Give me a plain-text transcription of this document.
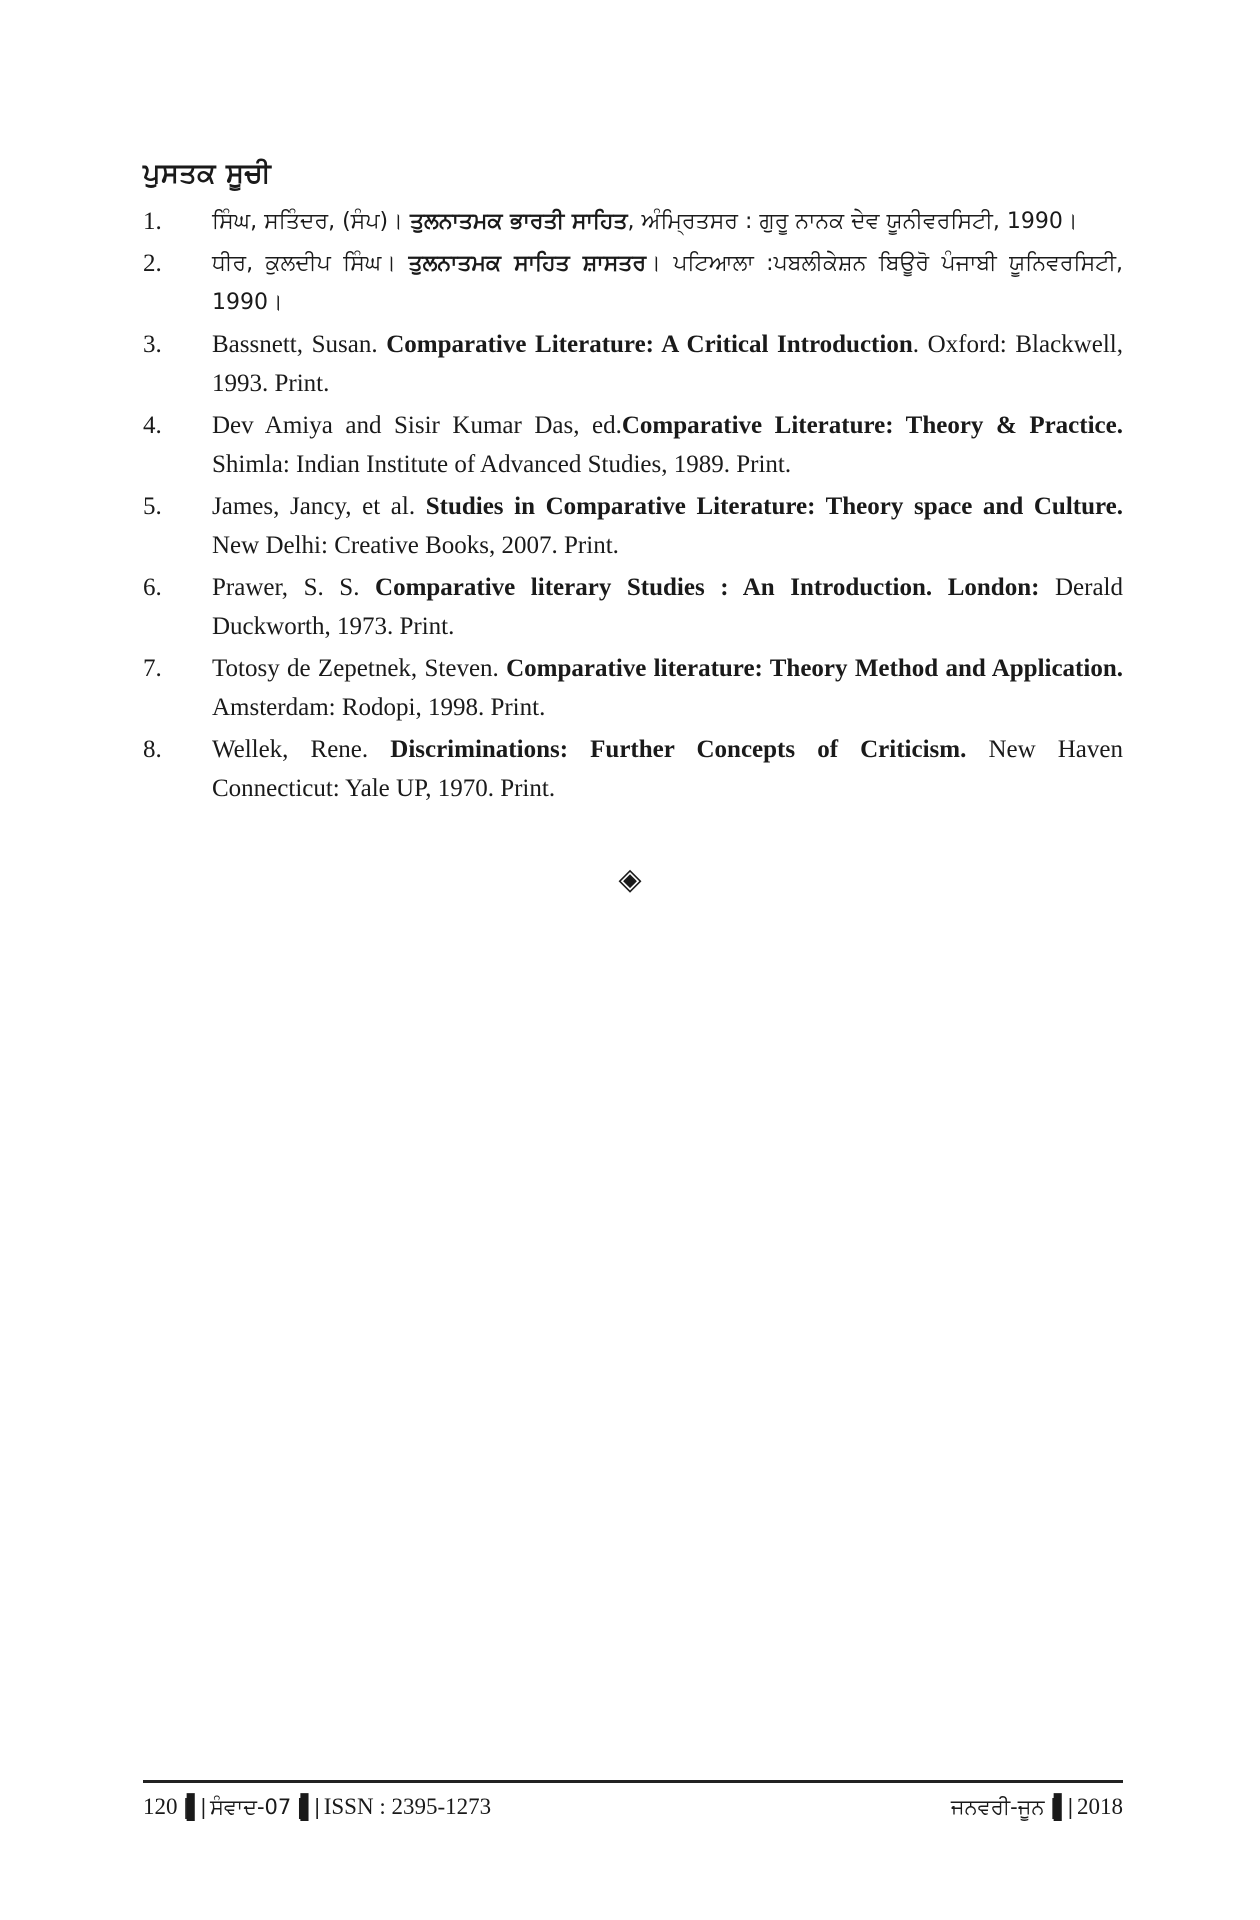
ਪੁਸਤਕ ਸੂਚੀ
1. ਸਿੰਘ, ਸਤਿੰਦਰ, (ਸੰਪ)। ਤੁਲਨਾਤਮਕ ਭਾਰਤੀ ਸਾਹਿਤ, ਅੰਮ੍ਰਿਤਸਰ : ਗੁਰੂ ਨਾਨਕ ਦੇਵ ਯੂਨੀਵਰਸਿਟੀ, 1990।
2. ਧੀਰ, ਕੁਲਦੀਪ ਸਿੰਘ। ਤੁਲਨਾਤਮਕ ਸਾਹਿਤ ਸ਼ਾਸਤਰ। ਪਟਿਆਲਾ :ਪਬਲੀਕੇਸ਼ਨ ਬਿਊਰੋ ਪੰਜਾਬੀ ਯੂਨਿਵਰਸਿਟੀ, 1990।
3. Bassnett, Susan. Comparative Literature: A Critical Introduction. Oxford: Blackwell, 1993. Print.
4. Dev Amiya and Sisir Kumar Das, ed.Comparative Literature: Theory & Practice. Shimla: Indian Institute of Advanced Studies, 1989. Print.
5. James, Jancy, et al. Studies in Comparative Literature: Theory space and Culture. New Delhi: Creative Books, 2007. Print.
6. Prawer, S. S. Comparative literary Studies : An Introduction. London: Derald Duckworth, 1973. Print.
7. Totosy de Zepetnek, Steven. Comparative literature: Theory Method and Application. Amsterdam: Rodopi, 1998. Print.
8. Wellek, Rene. Discriminations: Further Concepts of Criticism. New Haven Connecticut: Yale UP, 1970. Print.
◈
120 |▌| ਸੰਵਾਦ-07 |▌| ISSN : 2395-1273	ਜਨਵਰੀ-ਜੂਨ |▌| 2018
